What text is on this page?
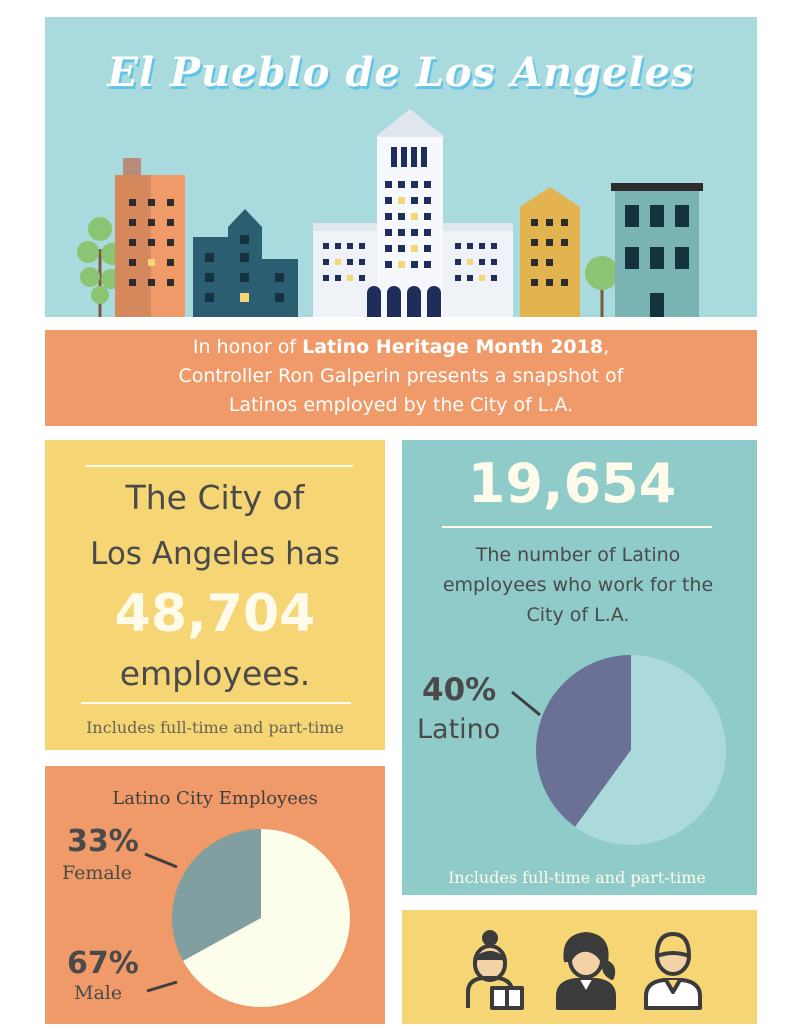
El Pueblo de Los Angeles
In honor of Latino Heritage Month 2018,
Controller Ron Galperin presents a snapshot of
Latinos employed by the City of L.A.
The City of
Los Angeles has
48,704
employees.
Includes full-time and part-time
19,654
The number of Latino
employees who work for the
City of L.A.
40%
Latino
Includes full-time and part-time
Latino City Employees
33%
Female
67%
Male
